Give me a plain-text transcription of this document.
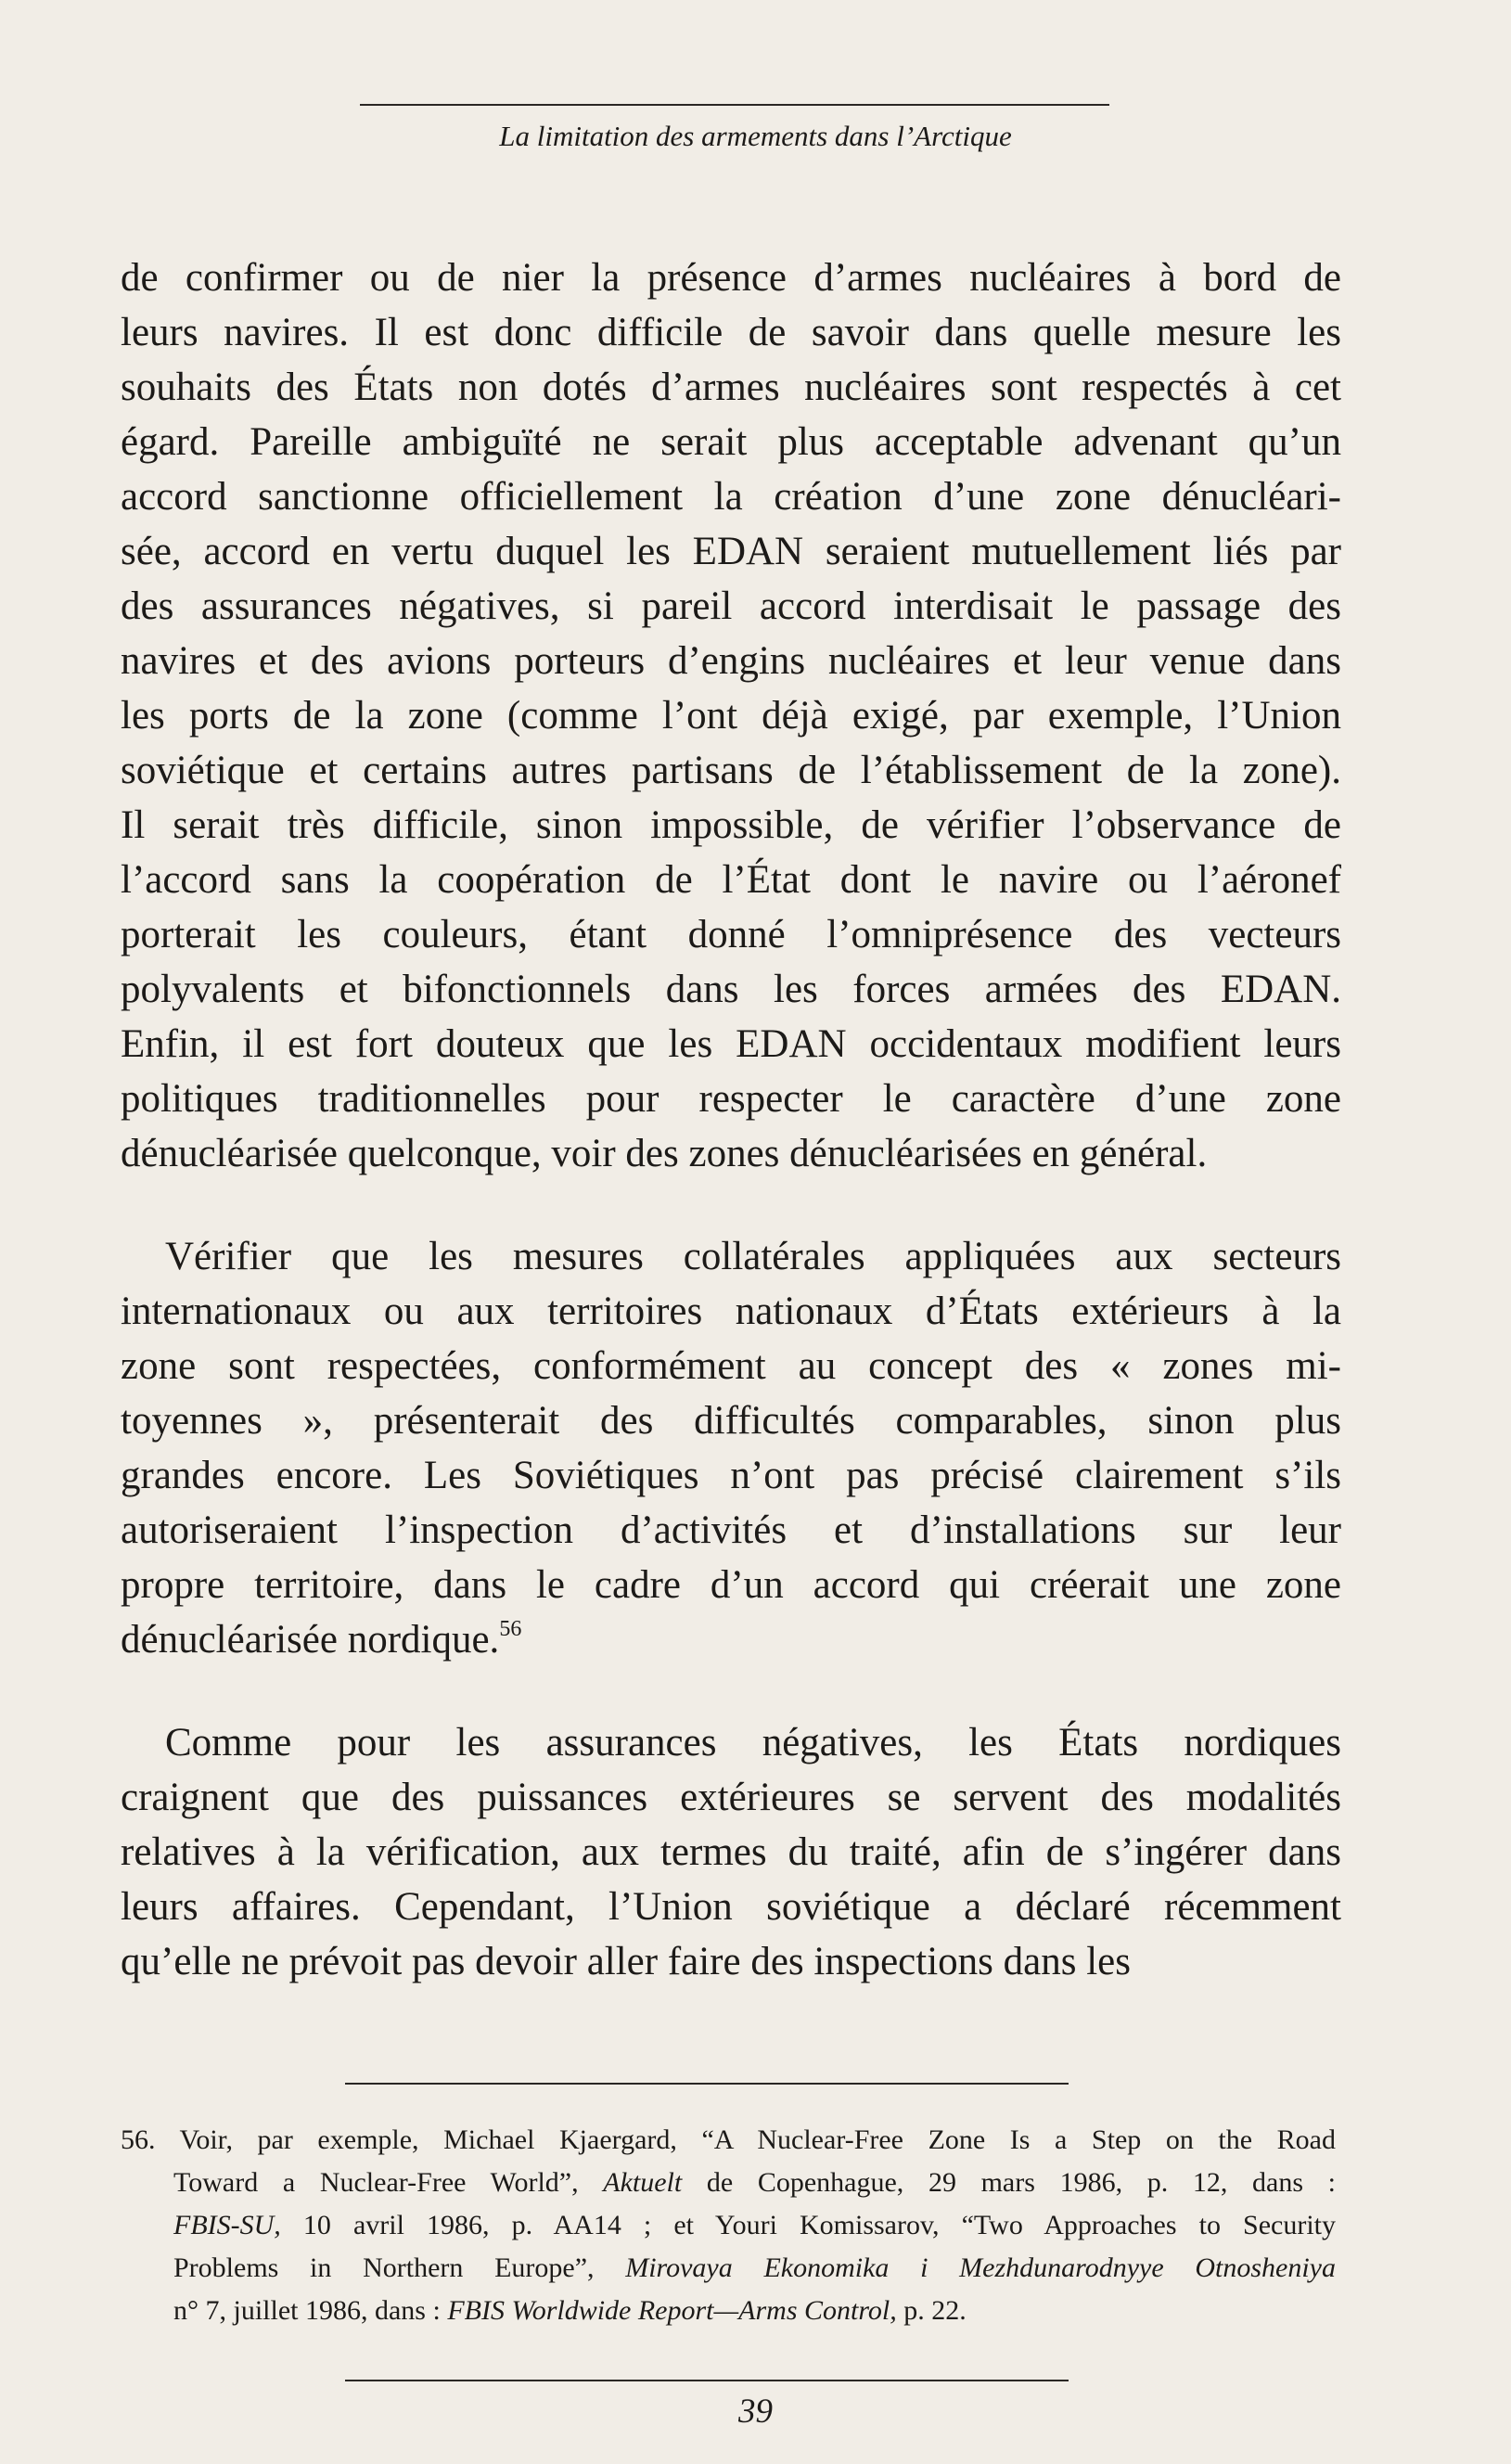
La limitation des armements dans l’Arctique
de confirmer ou de nier la présence d’armes nucléaires à bord de
leurs navires. Il est donc difficile de savoir dans quelle mesure les
souhaits des États non dotés d’armes nucléaires sont respectés à cet
égard. Pareille ambiguïté ne serait plus acceptable advenant qu’un
accord sanctionne officiellement la création d’une zone dénucléari-
sée, accord en vertu duquel les EDAN seraient mutuellement liés par
des assurances négatives, si pareil accord interdisait le passage des
navires et des avions porteurs d’engins nucléaires et leur venue dans
les ports de la zone (comme l’ont déjà exigé, par exemple, l’Union
soviétique et certains autres partisans de l’établissement de la zone).
Il serait très difficile, sinon impossible, de vérifier l’observance de
l’accord sans la coopération de l’État dont le navire ou l’aéronef
porterait les couleurs, étant donné l’omniprésence des vecteurs
polyvalents et bifonctionnels dans les forces armées des EDAN.
Enfin, il est fort douteux que les EDAN occidentaux modifient leurs
politiques traditionnelles pour respecter le caractère d’une zone
dénucléarisée quelconque, voir des zones dénucléarisées en général.
Vérifier que les mesures collatérales appliquées aux secteurs
internationaux ou aux territoires nationaux d’États extérieurs à la
zone sont respectées, conformément au concept des « zones mi-
toyennes », présenterait des difficultés comparables, sinon plus
grandes encore. Les Soviétiques n’ont pas précisé clairement s’ils
autoriseraient l’inspection d’activités et d’installations sur leur
propre territoire, dans le cadre d’un accord qui créerait une zone
dénucléarisée nordique.$^{56}$
Comme pour les assurances négatives, les États nordiques
craignent que des puissances extérieures se servent des modalités
relatives à la vérification, aux termes du traité, afin de s’ingérer dans
leurs affaires. Cependant, l’Union soviétique a déclaré récemment
qu’elle ne prévoit pas devoir aller faire des inspections dans les
56. Voir, par exemple, Michael Kjaergard, “A Nuclear-Free Zone Is a Step on the Road
Toward a Nuclear-Free World”, Aktuelt de Copenhague, 29 mars 1986, p. 12, dans :
FBIS-SU, 10 avril 1986, p. AA14 ; et Youri Komissarov, “Two Approaches to Security
Problems in Northern Europe”, Mirovaya Ekonomika i Mezhdunarodnyye Otnosheniya
n° 7, juillet 1986, dans : FBIS Worldwide Report—Arms Control, p. 22.
39
